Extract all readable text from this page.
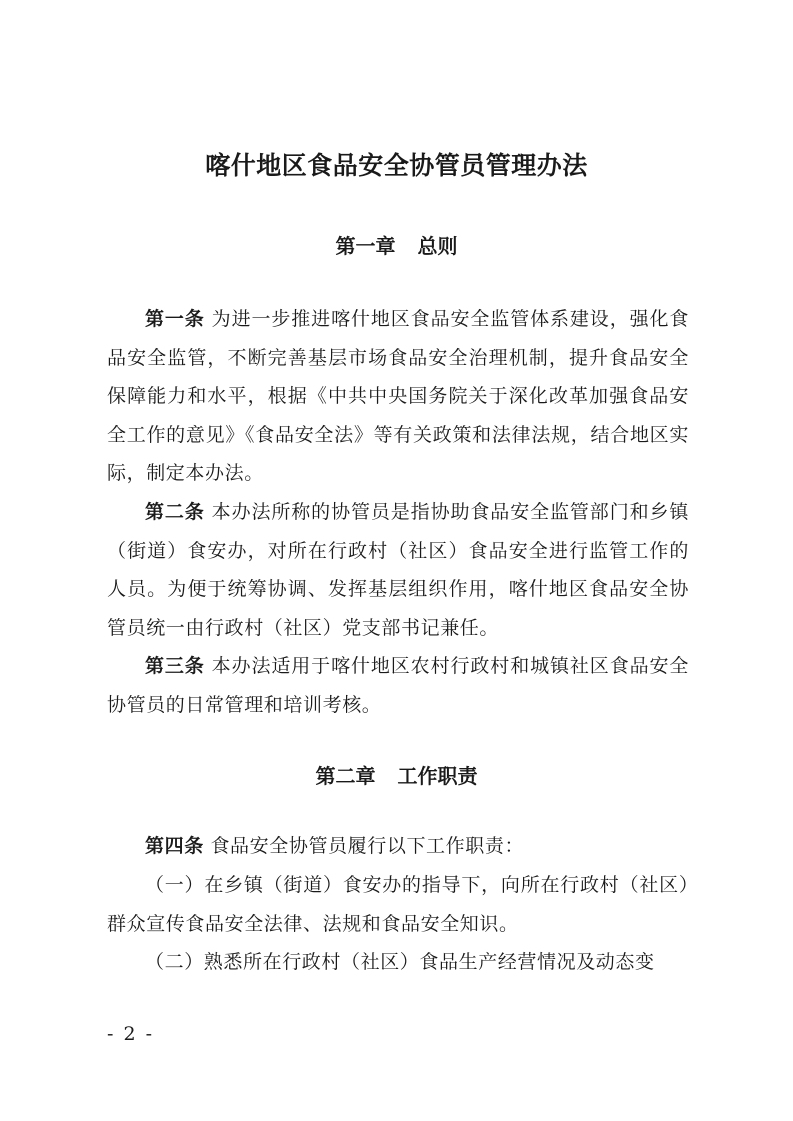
喀什地区食品安全协管员管理办法
第一章 总则

第一条 为进一步推进喀什地区食品安全监管体系建设，强化食品安全监管，不断完善基层市场食品安全治理机制，提升食品安全保障能力和水平，根据《中共中央国务院关于深化改革加强食品安全工作的意见》《食品安全法》等有关政策和法律法规，结合地区实际，制定本办法。

第二条 本办法所称的协管员是指协助食品安全监管部门和乡镇（街道）食安办，对所在行政村（社区）食品安全进行监管工作的人员。为便于统筹协调、发挥基层组织作用，喀什地区食品安全协管员统一由行政村（社区）党支部书记兼任。

第三条 本办法适用于喀什地区农村行政村和城镇社区食品安全协管员的日常管理和培训考核。

第二章 工作职责

第四条 食品安全协管员履行以下工作职责：

（一）在乡镇（街道）食安办的指导下，向所在行政村（社区）群众宣传食品安全法律、法规和食品安全知识。

（二）熟悉所在行政村（社区）食品生产经营情况及动态变

- 2 -
